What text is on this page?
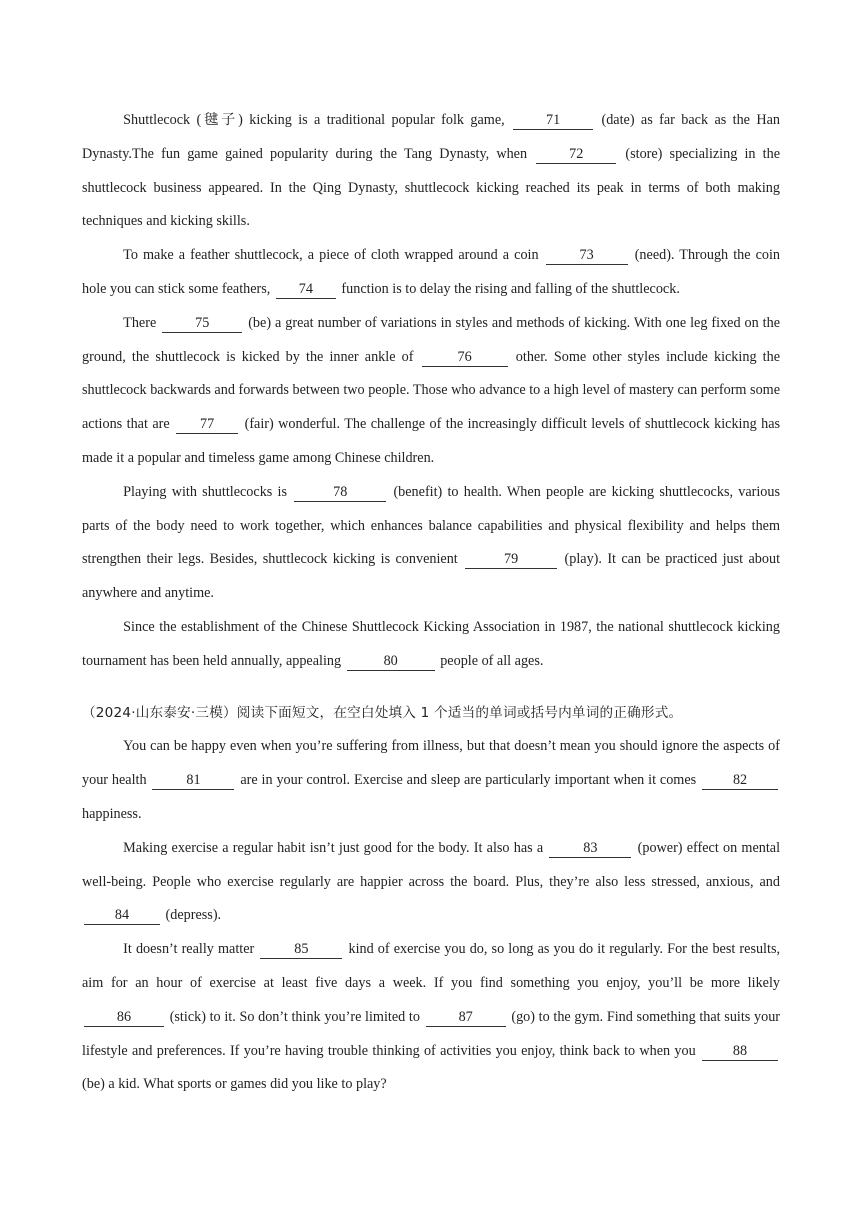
Shuttlecock (毽子) kicking is a traditional popular folk game,	71	(date) as far back as the Han Dynasty.The fun game gained popularity during the Tang Dynasty, when	72	(store) specializing in the shuttlecock business appeared. In the Qing Dynasty, shuttlecock kicking reached its peak in terms of both making techniques and kicking skills.

To make a feather shuttlecock, a piece of cloth wrapped around a coin	73	(need). Through the coin hole you can stick some feathers, 74 function is to delay the rising and falling of the shuttlecock.

There	75	(be) a great number of variations in styles and methods of kicking. With one leg fixed on the ground, the shuttlecock is kicked by the inner ankle of	76	other. Some other styles include kicking the shuttlecock backwards and forwards between two people. Those who advance to a high level of mastery can perform some actions that are 77 (fair) wonderful. The challenge of the increasingly difficult levels of shuttlecock kicking has made it a popular and timeless game among Chinese children.

Playing with shuttlecocks is	78	(benefit) to health. When people are kicking shuttlecocks, various parts of the body need to work together, which enhances balance capabilities and physical flexibility and helps them strengthen their legs. Besides, shuttlecock kicking is convenient	79	(play). It can be practiced just about anywhere and anytime.

Since the establishment of the Chinese Shuttlecock Kicking Association in 1987, the national shuttlecock kicking tournament has been held annually, appealing	80	people of all ages.

（2024·山东泰安·三模）阅读下面短文，在空白处填入 1 个适当的单词或括号内单词的正确形式。

You can be happy even when you’re suffering from illness, but that doesn’t mean you should ignore the aspects of your health	81	are in your control. Exercise and sleep are particularly important when it comes	82 happiness.

Making exercise a regular habit isn’t just good for the body. It also has a	83	(power) effect on mental well-being. People who exercise regularly are happier across the board. Plus, they’re also less stressed, anxious, and 84	(depress).

It doesn’t really matter	85	kind of exercise you do, so long as you do it regularly. For the best results, aim for an hour of exercise at least five days a week. If you find something you enjoy, you’ll be more likely 86	(stick) to it. So don’t think you’re limited to	87	(go) to the gym. Find something that suits your lifestyle and preferences. If you’re having trouble thinking of activities you enjoy, think back to when you	88 (be) a kid. What sports or games did you like to play?
